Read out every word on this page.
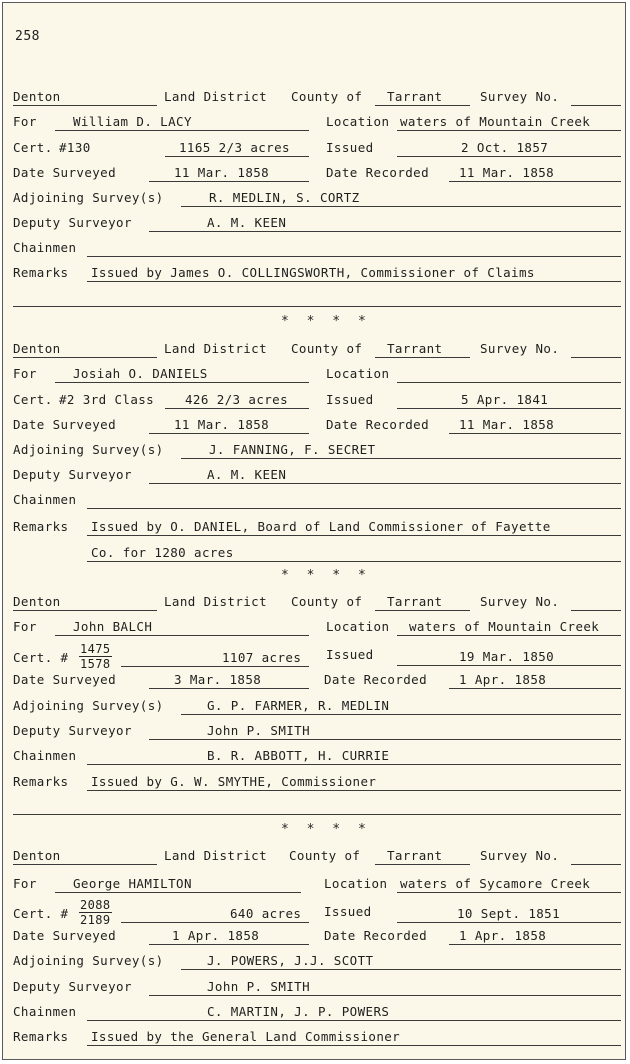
258
Denton	Land District County of Tarrant	Survey No.
For	William D. LACY	Location waters of Mountain Creek
Cert. #130	1165 2/3 acres	Issued	2 Oct. 1857
Date Surveyed	11 Mar. 1858	Date Recorded 11 Mar. 1858
Adjoining Survey(s)	R. MEDLIN, S. CORTZ
Deputy Surveyor	A. M. KEEN
Chainmen
Remarks Issued by James O. COLLINGSWORTH, Commissioner of Claims
* * * *
Denton	Land District County of Tarrant	Survey No.
For	Josiah O. DANIELS	Location
Cert. #2 3rd Class 426 2/3 acres	Issued	5 Apr. 1841
Date Surveyed	11 Mar. 1858	Date Recorded 11 Mar. 1858
Adjoining Survey(s)	J. FANNING, F. SECRET
Deputy Surveyor	A. M. KEEN
Chainmen
Remarks Issued by O. DANIEL, Board of Land Commissioner of Fayette
Co. for 1280 acres
* * * *
Denton	Land District County of Tarrant	Survey No.
For	John BALCH	Location waters of Mountain Creek
Cert. # $\frac{1475}{1578}$	1107 acres Issued	19 Mar. 1850
Date Surveyed	3 Mar. 1858	Date Recorded	1 Apr. 1858
Adjoining Survey(s)	G. P. FARMER, R. MEDLIN
Deputy Surveyor	John P. SMITH
Chainmen	B. R. ABBOTT, H. CURRIE
Remarks Issued by G. W. SMYTHE, Commissioner
* * * *
Denton	Land District County of Tarrant	Survey No.
For	George HAMILTON	Location waters of Sycamore Creek
Cert. # $\frac{2088}{2189}$	640 acres Issued	10 Sept. 1851
Date Surveyed	1 Apr. 1858	Date Recorded	1 Apr. 1858
Adjoining Survey(s)	J. POWERS, J.J. SCOTT
Deputy Surveyor	John P. SMITH
Chainmen	C. MARTIN, J. P. POWERS
Remarks Issued by the General Land Commissioner
